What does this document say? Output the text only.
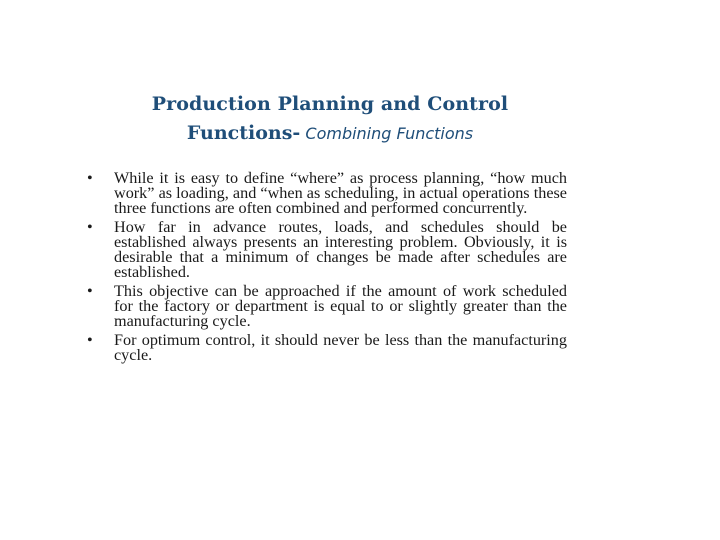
Production Planning and Control
Functions- Combining Functions
• While it is easy to define “where” as process planning, “how much work” as loading, and “when as scheduling, in actual operations these three functions are often combined and performed concurrently.
• How far in advance routes, loads, and schedules should be established always presents an interesting problem. Obviously, it is desirable that a minimum of changes be made after schedules are established.
• This objective can be approached if the amount of work scheduled for the factory or department is equal to or slightly greater than the manufacturing cycle.
• For optimum control, it should never be less than the manufacturing cycle.
